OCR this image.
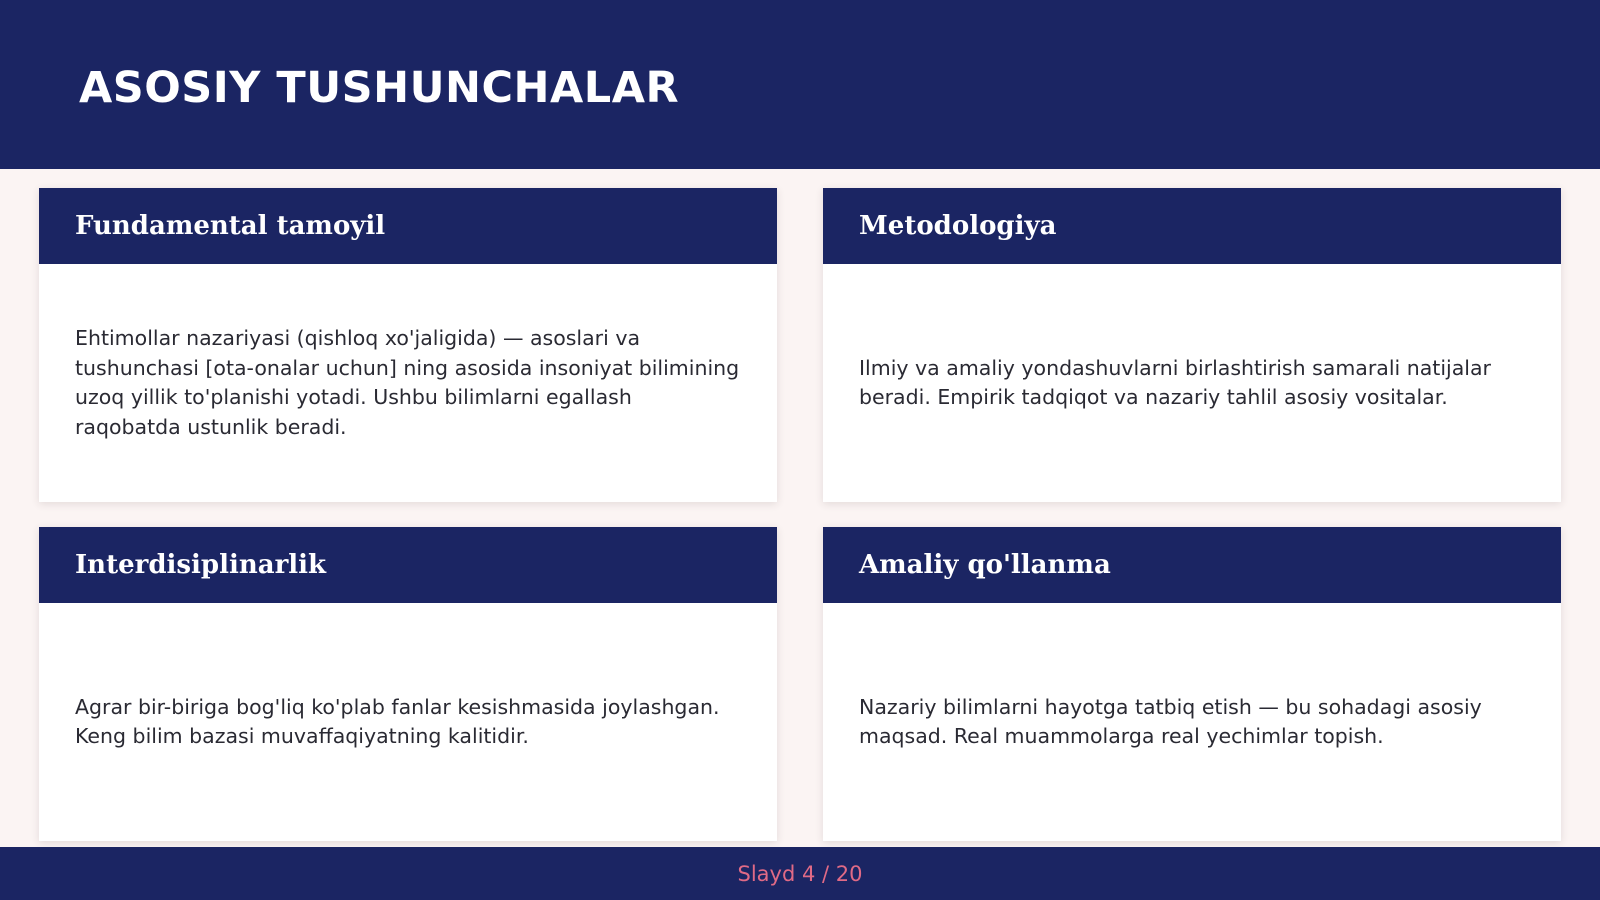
ASOSIY TUSHUNCHALAR
Fundamental tamoyil

Ehtimollar nazariyasi (qishloq xo'jaligida) — asoslari va tushunchasi [ota-onalar uchun] ning asosida insoniyat bilimining uzoq yillik to'planishi yotadi. Ushbu bilimlarni egallash raqobatda ustunlik beradi.

Metodologiya

Ilmiy va amaliy yondashuvlarni birlashtirish samarali natijalar beradi. Empirik tadqiqot va nazariy tahlil asosiy vositalar.

Interdisiplinarlik

Agrar bir-biriga bog'liq ko'plab fanlar kesishmasida joylashgan. Keng bilim bazasi muvaffaqiyatning kalitidir.

Amaliy qo'llanma

Nazariy bilimlarni hayotga tatbiq etish — bu sohadagi asosiy maqsad. Real muammolarga real yechimlar topish.

Slayd 4 / 20
